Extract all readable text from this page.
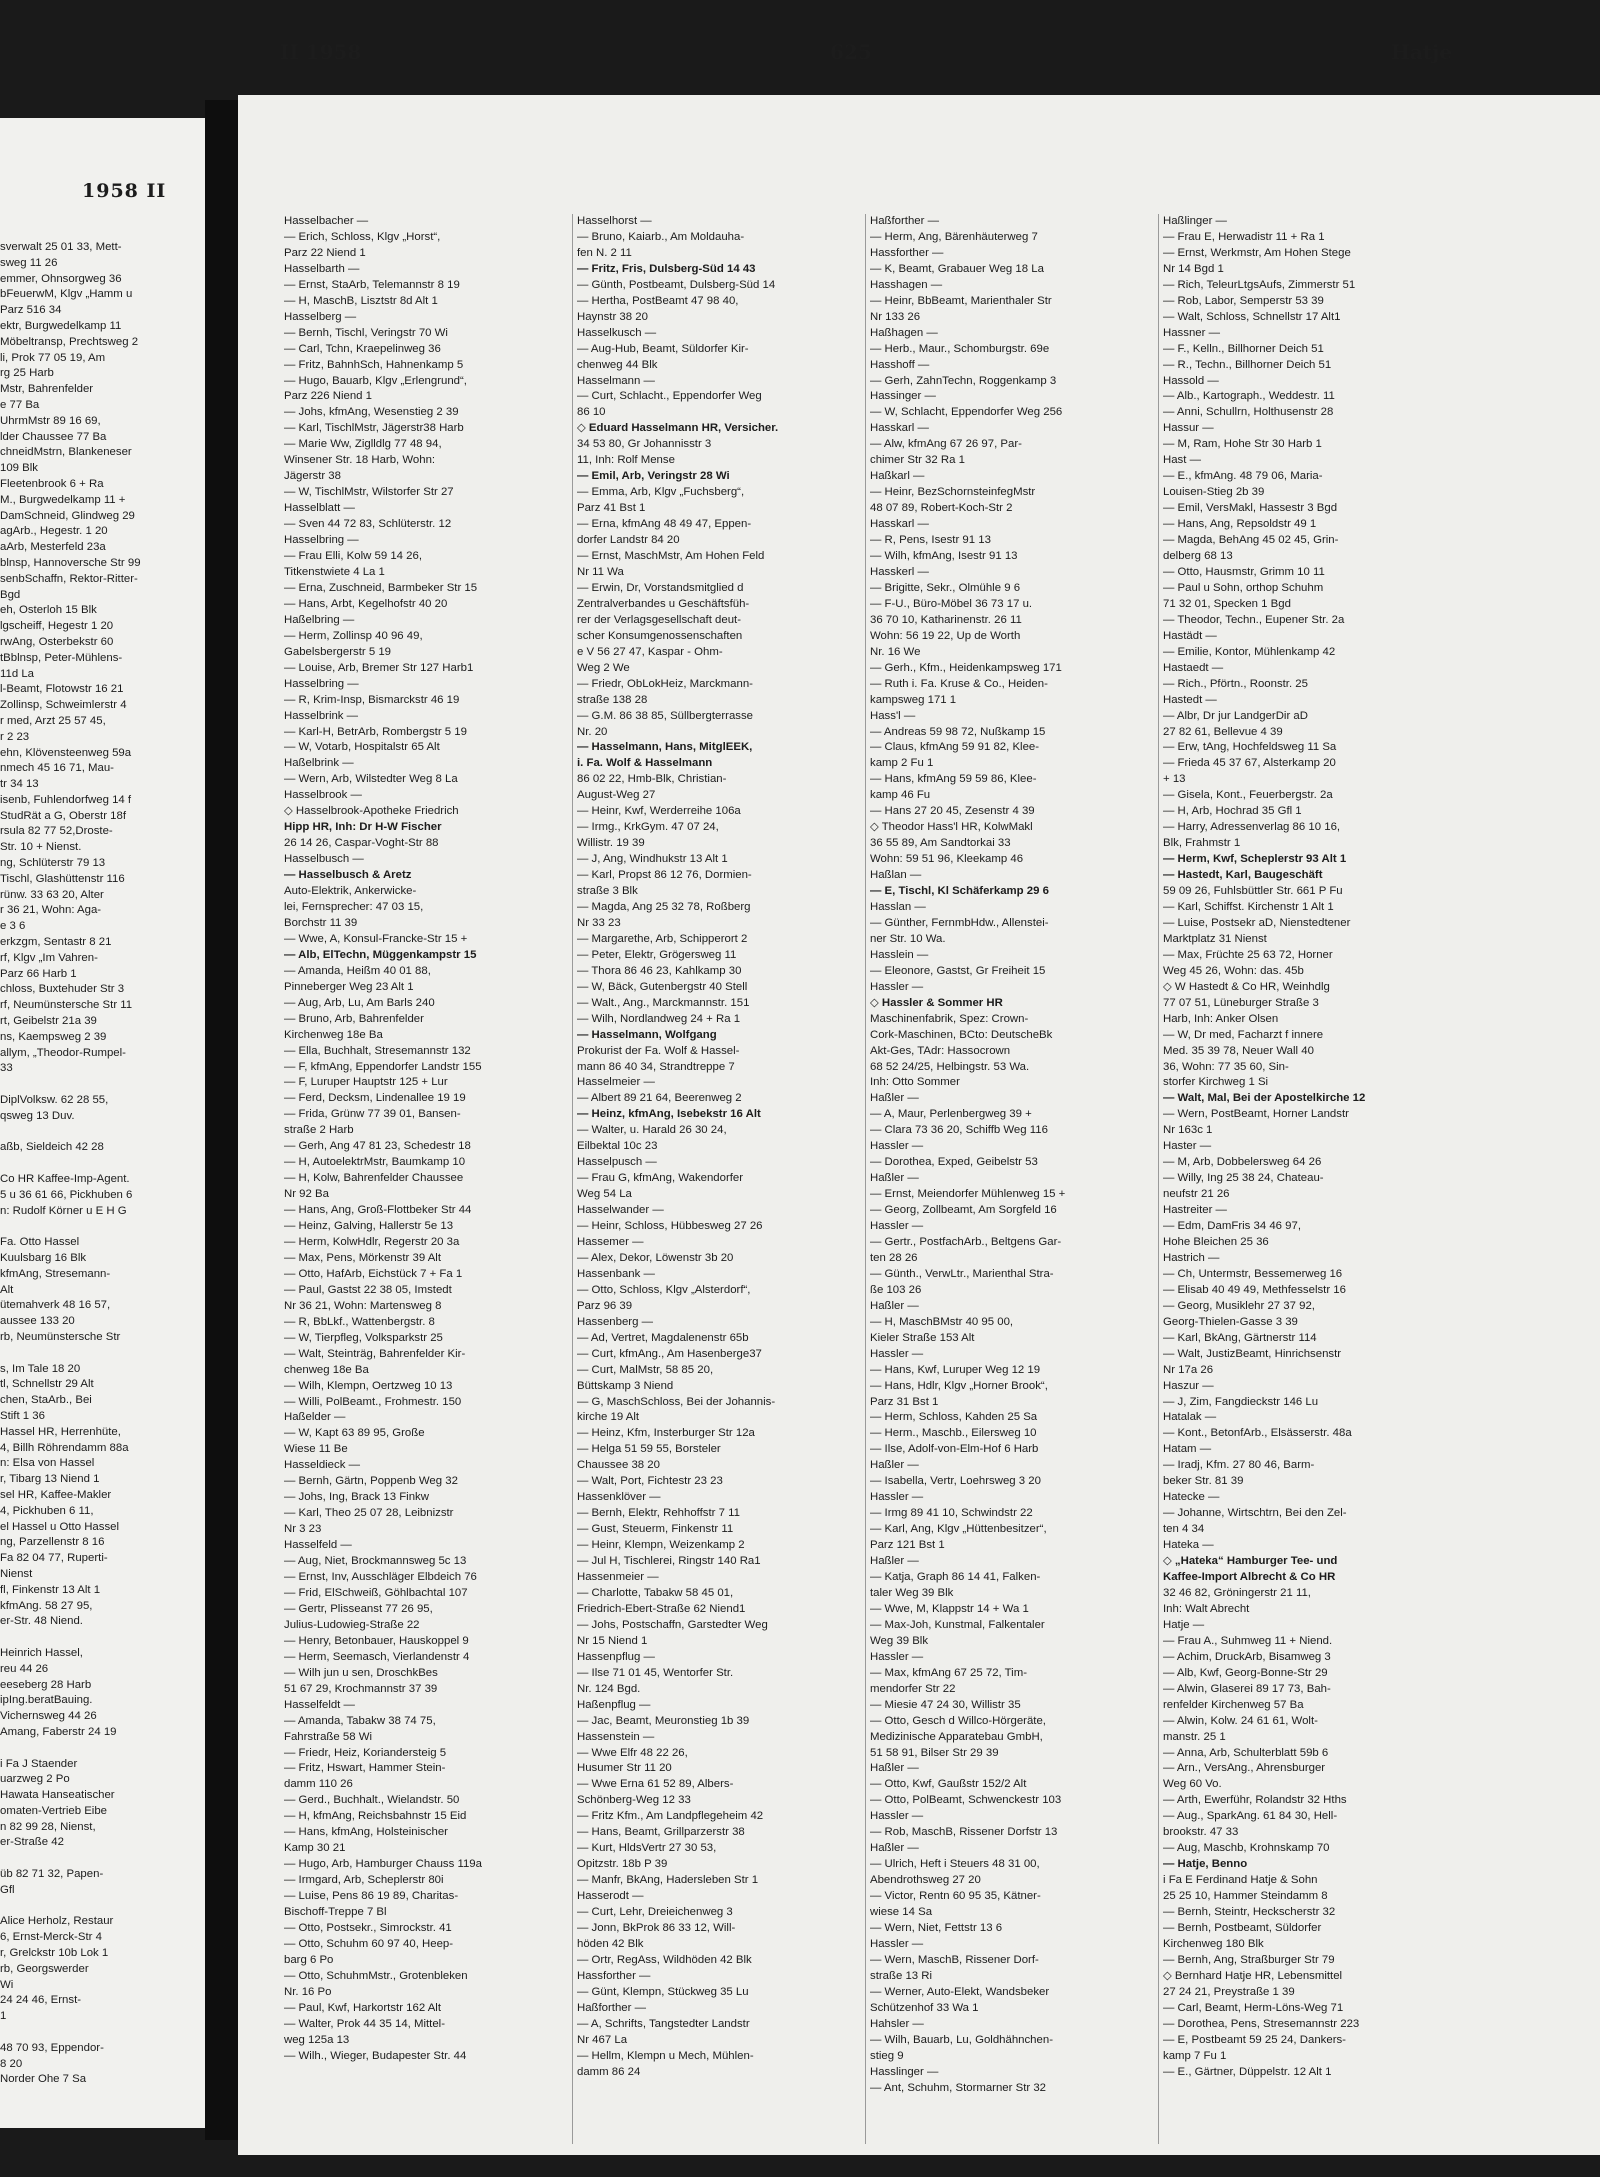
1958 II
sverwalt 25 01 33, Mett-
sweg 11 26
emmer, Ohnsorgweg 36
bFeuerwM, Klgv „Hamm u
Parz 516 34
ektr, Burgwedelkamp 11
Möbeltransp, Prechtsweg 2
li, Prok 77 05 19, Am
rg 25 Harb
Mstr, Bahrenfelder
e 77 Ba
UhrmMstr 89 16 69,
lder Chaussee 77 Ba
chneidMstrn, Blankeneser
109 Blk
Fleetenbrook 6 + Ra
M., Burgwedelkamp 11 +
DamSchneid, Glindweg 29
agArb., Hegestr. 1 20
aArb, Mesterfeld 23a
blnsp, Hannoversche Str 99
senbSchaffn, Rektor-Ritter-
Bgd
eh, Osterloh 15 Blk
lgscheiff, Hegestr 1 20
rwAng, Osterbekstr 60
tBblnsp, Peter-Mühlens-
11d La
l-Beamt, Flotowstr 16 21
Zollinsp, Schweimlerstr 4
r med, Arzt 25 57 45,
r 2 23
ehn, Klövensteenweg 59a
nmech 45 16 71, Mau-
tr 34 13
isenb, Fuhlendorfweg 14 f
StudRät a G, Oberstr 18f
rsula 82 77 52,Droste-
Str. 10 + Nienst.
ng, Schlüterstr 79 13
Tischl, Glashüttenstr 116
rünw. 33 63 20, Alter
r 36 21, Wohn: Aga-
e 3 6
erkzgm, Sentastr 8 21
rf, Klgv „Im Vahren-
Parz 66 Harb 1
chloss, Buxtehuder Str 3
rf, Neumünstersche Str 11
rt, Geibelstr 21a 39
ns, Kaempsweg 2 39
allym, „Theodor-Rumpel-
33
DiplVolksw. 62 28 55,
qsweg 13 Duv.
aßb, Sieldeich 42 28
Co HR Kaffee-Imp-Agent.
5 u 36 61 66, Pickhuben 6
n: Rudolf Körner u E H G
Fa. Otto Hassel
Kuulsbarg 16 Blk
kfmAng, Stresemann-
Alt
ütemahverk 48 16 57,
aussee 133 20
rb, Neumünstersche Str
s, Im Tale 18 20
tl, Schnellstr 29 Alt
chen, StaArb., Bei
Stift 1 36
Hassel HR, Herrenhüte,
4, Billh Röhrendamm 88a
n: Elsa von Hassel
r, Tibarg 13 Niend 1
sel HR, Kaffee-Makler
4, Pickhuben 6 11,
el Hassel u Otto Hassel
ng, Parzellenstr 8 16
Fa 82 04 77, Ruperti-
Nienst
fl, Finkenstr 13 Alt 1
kfmAng. 58 27 95,
er-Str. 48 Niend.
Heinrich Hassel,
reu 44 26
eeseberg 28 Harb
ipIng.beratBauing.
Vichernsweg 44 26
Amang, Faberstr 24 19
i Fa J Staender
uarzweg 2 Po
Hawata Hanseatischer
omaten-Vertrieb Eibe
n 82 99 28, Nienst,
er-Straße 42
üb 82 71 32, Papen-
Gfl
Alice Herholz, Restaur
6, Ernst-Merck-Str 4
r, Grelckstr 10b Lok 1
rb, Georgswerder
Wi
24 24 46, Ernst-
1
48 70 93, Eppendor-
8 20
Norder Ohe 7 Sa
II 1958	625	Hatje
Hasselbacher —
— Erich, Schloss, Klgv „Horst“,
Parz 22 Niend 1
Hasselbarth —
— Ernst, StaArb, Telemannstr 8 19
— H, MaschB, Lisztstr 8d Alt 1
Hasselberg —
— Bernh, Tischl, Veringstr 70 Wi
— Carl, Tchn, Kraepelinweg 36
— Fritz, BahnhSch, Hahnenkamp 5
— Hugo, Bauarb, Klgv „Erlengrund“,
Parz 226 Niend 1
— Johs, kfmAng, Wesenstieg 2 39
— Karl, TischlMstr, Jägerstr38 Harb
— Marie Ww, Ziglldlg 77 48 94,
Winsener Str. 18 Harb, Wohn:
Jägerstr 38
— W, TischlMstr, Wilstorfer Str 27
Hasselblatt —
— Sven 44 72 83, Schlüterstr. 12
Hasselbring —
— Frau Elli, Kolw 59 14 26,
Titkenstwiete 4 La 1
— Erna, Zuschneid, Barmbeker Str 15
— Hans, Arbt, Kegelhofstr 40 20
Haßelbring —
— Herm, Zollinsp 40 96 49,
Gabelsbergerstr 5 19
— Louise, Arb, Bremer Str 127 Harb1
Hasselbring —
— R, Krim-Insp, Bismarckstr 46 19
Hasselbrink —
— Karl-H, BetrArb, Rombergstr 5 19
— W, Votarb, Hospitalstr 65 Alt
Haßelbrink —
— Wern, Arb, Wilstedter Weg 8 La
Hasselbrook —
◇ Hasselbrook-Apotheke Friedrich
Hipp HR, Inh: Dr H-W Fischer
26 14 26, Caspar-Voght-Str 88
Hasselbusch —
— Hasselbusch & Aretz
Auto-Elektrik, Ankerwicke-
lei, Fernsprecher: 47 03 15,
Borchstr 11 39
— Wwe, A, Konsul-Francke-Str 15 +
— Alb, ElTechn, Müggenkampstr 15
— Amanda, Heißm 40 01 88,
Pinneberger Weg 23 Alt 1
— Aug, Arb, Lu, Am Barls 240
— Bruno, Arb, Bahrenfelder
Kirchenweg 18e Ba
— Ella, Buchhalt, Stresemannstr 132
— F, kfmAng, Eppendorfer Landstr 155
— F, Luruper Hauptstr 125 + Lur
— Ferd, Decksm, Lindenallee 19 19
— Frida, Grünw 77 39 01, Bansen-
straße 2 Harb
— Gerh, Ang 47 81 23, Schedestr 18
— H, AutoelektrMstr, Baumkamp 10
— H, Kolw, Bahrenfelder Chaussee
Nr 92 Ba
— Hans, Ang, Groß-Flottbeker Str 44
— Heinz, Galving, Hallerstr 5e 13
— Herm, KolwHdlr, Regerstr 20 3a
— Max, Pens, Mörkenstr 39 Alt
— Otto, HafArb, Eichstück 7 + Fa 1
— Paul, Gastst 22 38 05, Imstedt
Nr 36 21, Wohn: Martensweg 8
— R, BbLkf., Wattenbergstr. 8
— W, Tierpfleg, Volksparkstr 25
— Walt, Steinträg, Bahrenfelder Kir-
chenweg 18e Ba
— Wilh, Klempn, Oertzweg 10 13
— Willi, PolBeamt., Frohmestr. 150
Haßelder —
— W, Kapt 63 89 95, Große
Wiese 11 Be
Hasseldieck —
— Bernh, Gärtn, Poppenb Weg 32
— Johs, Ing, Brack 13 Finkw
— Karl, Theo 25 07 28, Leibnizstr
Nr 3 23
Hasselfeld —
— Aug, Niet, Brockmannsweg 5c 13
— Ernst, Inv, Ausschläger Elbdeich 76
— Frid, ElSchweiß, Göhlbachtal 107
— Gertr, Plisseanst 77 26 95,
Julius-Ludowieg-Straße 22
— Henry, Betonbauer, Hauskoppel 9
— Herm, Seemasch, Vierlandenstr 4
— Wilh jun u sen, DroschkBes
51 67 29, Krochmannstr 37 39
Hasselfeldt —
— Amanda, Tabakw 38 74 75,
Fahrstraße 58 Wi
— Friedr, Heiz, Koriandersteig 5
— Fritz, Hswart, Hammer Stein-
damm 110 26
— Gerd., Buchhalt., Wielandstr. 50
— H, kfmAng, Reichsbahnstr 15 Eid
— Hans, kfmAng, Holsteinischer
Kamp 30 21
— Hugo, Arb, Hamburger Chauss 119a
— Irmgard, Arb, Scheplerstr 80i
— Luise, Pens 86 19 89, Charitas-
Bischoff-Treppe 7 Bl
— Otto, Postsekr., Simrockstr. 41
— Otto, Schuhm 60 97 40, Heep-
barg 6 Po
— Otto, SchuhmMstr., Grotenbleken
Nr. 16 Po
— Paul, Kwf, Harkortstr 162 Alt
— Walter, Prok 44 35 14, Mittel-
weg 125a 13
— Wilh., Wieger, Budapester Str. 44
Hasselhorst —
— Bruno, Kaiarb., Am Moldauha-
fen N. 2 11
— Fritz, Fris, Dulsberg-Süd 14 43
— Günth, Postbeamt, Dulsberg-Süd 14
— Hertha, PostBeamt 47 98 40,
Haynstr 38 20
Hasselkusch —
— Aug-Hub, Beamt, Süldorfer Kir-
chenweg 44 Blk
Hasselmann —
— Curt, Schlacht., Eppendorfer Weg
86 10
◇ Eduard Hasselmann HR, Versicher.
34 53 80, Gr Johannisstr 3
11, Inh: Rolf Mense
— Emil, Arb, Veringstr 28 Wi
— Emma, Arb, Klgv „Fuchsberg“,
Parz 41 Bst 1
— Erna, kfmAng 48 49 47, Eppen-
dorfer Landstr 84 20
— Ernst, MaschMstr, Am Hohen Feld
Nr 11 Wa
— Erwin, Dr, Vorstandsmitglied d
Zentralverbandes u Geschäftsfüh-
rer der Verlagsgesellschaft deut-
scher Konsumgenossenschaften
e V 56 27 47, Kaspar - Ohm-
Weg 2 We
— Friedr, ObLokHeiz, Marckmann-
straße 138 28
— G.M. 86 38 85, Süllbergterrasse
Nr. 20
— Hasselmann, Hans, MitglEEK,
i. Fa. Wolf & Hasselmann
86 02 22, Hmb-Blk, Christian-
August-Weg 27
— Heinr, Kwf, Werderreihe 106a
— Irmg., KrkGym. 47 07 24,
Willistr. 19 39
— J, Ang, Windhukstr 13 Alt 1
— Karl, Propst 86 12 76, Dormien-
straße 3 Blk
— Magda, Ang 25 32 78, Roßberg
Nr 33 23
— Margarethe, Arb, Schipperort 2
— Peter, Elektr, Grögersweg 11
— Thora 86 46 23, Kahlkamp 30
— W, Bäck, Gutenbergstr 40 Stell
— Walt., Ang., Marckmannstr. 151
— Wilh, Nordlandweg 24 + Ra 1
— Hasselmann, Wolfgang
Prokurist der Fa. Wolf & Hassel-
mann 86 40 34, Strandtreppe 7
Hasselmeier —
— Albert 89 21 64, Beerenweg 2
— Heinz, kfmAng, Isebekstr 16 Alt
— Walter, u. Harald 26 30 24,
Eilbektal 10c 23
Hasselpusch —
— Frau G, kfmAng, Wakendorfer
Weg 54 La
Hasselwander —
— Heinr, Schloss, Hübbesweg 27 26
Hassemer —
— Alex, Dekor, Löwenstr 3b 20
Hassenbank —
— Otto, Schloss, Klgv „Alsterdorf“,
Parz 96 39
Hassenberg —
— Ad, Vertret, Magdalenenstr 65b
— Curt, kfmAng., Am Hasenberge37
— Curt, MalMstr, 58 85 20,
Büttskamp 3 Niend
— G, MaschSchloss, Bei der Johannis-
kirche 19 Alt
— Heinz, Kfm, Insterburger Str 12a
— Helga 51 59 55, Borsteler
Chaussee 38 20
— Walt, Port, Fichtestr 23 23
Hassenklöver —
— Bernh, Elektr, Rehhoffstr 7 11
— Gust, Steuerm, Finkenstr 11
— Heinr, Klempn, Weizenkamp 2
— Jul H, Tischlerei, Ringstr 140 Ra1
Hassenmeier —
— Charlotte, Tabakw 58 45 01,
Friedrich-Ebert-Straße 62 Niend1
— Johs, Postschaffn, Garstedter Weg
Nr 15 Niend 1
Hassenpflug —
— Ilse 71 01 45, Wentorfer Str.
Nr. 124 Bgd.
Haßenpflug —
— Jac, Beamt, Meuronstieg 1b 39
Hassenstein —
— Wwe Elfr 48 22 26,
Husumer Str 11 20
— Wwe Erna 61 52 89, Albers-
Schönberg-Weg 12 33
— Fritz Kfm., Am Landpflegeheim 42
— Hans, Beamt, Grillparzerstr 38
— Kurt, HldsVertr 27 30 53,
Opitzstr. 18b P 39
— Manfr, BkAng, Hadersleben Str 1
Hasserodt —
— Curt, Lehr, Dreieichenweg 3
— Jonn, BkProk 86 33 12, Will-
höden 42 Blk
— Ortr, RegAss, Wildhöden 42 Blk
Hassforther —
— Günt, Klempn, Stückweg 35 Lu
Haßforther —
— A, Schrifts, Tangstedter Landstr
Nr 467 La
— Hellm, Klempn u Mech, Mühlen-
damm 86 24
Haßforther —
— Herm, Ang, Bärenhäuterweg 7
Hassforther —
— K, Beamt, Grabauer Weg 18 La
Hasshagen —
— Heinr, BbBeamt, Marienthaler Str
Nr 133 26
Haßhagen —
— Herb., Maur., Schomburgstr. 69e
Hasshoff —
— Gerh, ZahnTechn, Roggenkamp 3
Hassinger —
— W, Schlacht, Eppendorfer Weg 256
Hasskarl —
— Alw, kfmAng 67 26 97, Par-
chimer Str 32 Ra 1
Haßkarl —
— Heinr, BezSchornsteinfegMstr
48 07 89, Robert-Koch-Str 2
Hasskarl —
— R, Pens, Isestr 91 13
— Wilh, kfmAng, Isestr 91 13
Hasskerl —
— Brigitte, Sekr., Olmühle 9 6
— F-U., Büro-Möbel 36 73 17 u.
36 70 10, Katharinenstr. 26 11
Wohn: 56 19 22, Up de Worth
Nr. 16 We
— Gerh., Kfm., Heidenkampsweg 171
— Ruth i. Fa. Kruse & Co., Heiden-
kampsweg 171 1
Hass'l —
— Andreas 59 98 72, Nußkamp 15
— Claus, kfmAng 59 91 82, Klee-
kamp 2 Fu 1
— Hans, kfmAng 59 59 86, Klee-
kamp 46 Fu
— Hans 27 20 45, Zesenstr 4 39
◇ Theodor Hass'l HR, KolwMakl
36 55 89, Am Sandtorkai 33
Wohn: 59 51 96, Kleekamp 46
Haßlan —
— E, Tischl, Kl Schäferkamp 29 6
Hasslan —
— Günther, FernmbHdw., Allenstei-
ner Str. 10 Wa.
Hasslein —
— Eleonore, Gastst, Gr Freiheit 15
Hassler —
◇ Hassler & Sommer HR
Maschinenfabrik, Spez: Crown-
Cork-Maschinen, BCto: DeutscheBk
Akt-Ges, TAdr: Hassocrown
68 52 24/25, Helbingstr. 53 Wa.
Inh: Otto Sommer
Haßler —
— A, Maur, Perlenbergweg 39 +
— Clara 73 36 20, Schiffb Weg 116
Hassler —
— Dorothea, Exped, Geibelstr 53
Haßler —
— Ernst, Meiendorfer Mühlenweg 15 +
— Georg, Zollbeamt, Am Sorgfeld 16
Hassler —
— Gertr., PostfachArb., Beltgens Gar-
ten 28 26
— Günth., VerwLtr., Marienthal Stra-
ße 103 26
Haßler —
— H, MaschBMstr 40 95 00,
Kieler Straße 153 Alt
Hassler —
— Hans, Kwf, Luruper Weg 12 19
— Hans, Hdlr, Klgv „Horner Brook“,
Parz 31 Bst 1
— Herm, Schloss, Kahden 25 Sa
— Herm., Maschb., Eilersweg 10
— Ilse, Adolf-von-Elm-Hof 6 Harb
Haßler —
— Isabella, Vertr, Loehrsweg 3 20
Hassler —
— Irmg 89 41 10, Schwindstr 22
— Karl, Ang, Klgv „Hüttenbesitzer“,
Parz 121 Bst 1
Haßler —
— Katja, Graph 86 14 41, Falken-
taler Weg 39 Blk
— Wwe, M, Klappstr 14 + Wa 1
— Max-Joh, Kunstmal, Falkentaler
Weg 39 Blk
Hassler —
— Max, kfmAng 67 25 72, Tim-
mendorfer Str 22
— Miesie 47 24 30, Willistr 35
— Otto, Gesch d Willco-Hörgeräte,
Medizinische Apparatebau GmbH,
51 58 91, Bilser Str 29 39
Haßler —
— Otto, Kwf, Gaußstr 152/2 Alt
— Otto, PolBeamt, Schwenckestr 103
Hassler —
— Rob, MaschB, Rissener Dorfstr 13
Haßler —
— Ulrich, Heft i Steuers 48 31 00,
Abendrothsweg 27 20
— Victor, Rentn 60 95 35, Kätner-
wiese 14 Sa
— Wern, Niet, Fettstr 13 6
Hassler —
— Wern, MaschB, Rissener Dorf-
straße 13 Ri
— Werner, Auto-Elekt, Wandsbeker
Schützenhof 33 Wa 1
Hahsler —
— Wilh, Bauarb, Lu, Goldhähnchen-
stieg 9
Hasslinger —
— Ant, Schuhm, Stormarner Str 32
Haßlinger —
— Frau E, Herwadistr 11 + Ra 1
— Ernst, Werkmstr, Am Hohen Stege
Nr 14 Bgd 1
— Rich, TeleurLtgsAufs, Zimmerstr 51
— Rob, Labor, Semperstr 53 39
— Walt, Schloss, Schnellstr 17 Alt1
Hassner —
— F., Kelln., Billhorner Deich 51
— R., Techn., Billhorner Deich 51
Hassold —
— Alb., Kartograph., Weddestr. 11
— Anni, Schullrn, Holthusenstr 28
Hassur —
— M, Ram, Hohe Str 30 Harb 1
Hast —
— E., kfmAng. 48 79 06, Maria-
Louisen-Stieg 2b 39
— Emil, VersMakl, Hassestr 3 Bgd
— Hans, Ang, Repsoldstr 49 1
— Magda, BehAng 45 02 45, Grin-
delberg 68 13
— Otto, Hausmstr, Grimm 10 11
— Paul u Sohn, orthop Schuhm
71 32 01, Specken 1 Bgd
— Theodor, Techn., Eupener Str. 2a
Hastädt —
— Emilie, Kontor, Mühlenkamp 42
Hastaedt —
— Rich., Pförtn., Roonstr. 25
Hastedt —
— Albr, Dr jur LandgerDir aD
27 82 61, Bellevue 4 39
— Erw, tAng, Hochfeldsweg 11 Sa
— Frieda 45 37 67, Alsterkamp 20
+ 13
— Gisela, Kont., Feuerbergstr. 2a
— H, Arb, Hochrad 35 Gfl 1
— Harry, Adressenverlag 86 10 16,
Blk, Frahmstr 1
— Herm, Kwf, Scheplerstr 93 Alt 1
— Hastedt, Karl, Baugeschäft
59 09 26, Fuhlsbüttler Str. 661 P Fu
— Karl, Schiffst. Kirchenstr 1 Alt 1
— Luise, Postsekr aD, Nienstedtener
Marktplatz 31 Nienst
— Max, Früchte 25 63 72, Horner
Weg 45 26, Wohn: das. 45b
◇ W Hastedt & Co HR, Weinhdlg
77 07 51, Lüneburger Straße 3
Harb, Inh: Anker Olsen
— W, Dr med, Facharzt f innere
Med. 35 39 78, Neuer Wall 40
36, Wohn: 77 35 60, Sin-
storfer Kirchweg 1 Si
— Walt, Mal, Bei der Apostelkirche 12
— Wern, PostBeamt, Horner Landstr
Nr 163c 1
Haster —
— M, Arb, Dobbelersweg 64 26
— Willy, Ing 25 38 24, Chateau-
neufstr 21 26
Hastreiter —
— Edm, DamFris 34 46 97,
Hohe Bleichen 25 36
Hastrich —
— Ch, Untermstr, Bessemerweg 16
— Elisab 40 49 49, Methfesselstr 16
— Georg, Musiklehr 27 37 92,
Georg-Thielen-Gasse 3 39
— Karl, BkAng, Gärtnerstr 114
— Walt, JustizBeamt, Hinrichsenstr
Nr 17a 26
Haszur —
— J, Zim, Fangdieckstr 146 Lu
Hatalak —
— Kont., BetonfArb., Elsässerstr. 48a
Hatam —
— Iradj, Kfm. 27 80 46, Barm-
beker Str. 81 39
Hatecke —
— Johanne, Wirtschtrn, Bei den Zel-
ten 4 34
Hateka —
◇ „Hateka“ Hamburger Tee- und
Kaffee-Import Albrecht & Co HR
32 46 82, Gröningerstr 21 11,
Inh: Walt Abrecht
Hatje —
— Frau A., Suhmweg 11 + Niend.
— Achim, DruckArb, Bisamweg 3
— Alb, Kwf, Georg-Bonne-Str 29
— Alwin, Glaserei 89 17 73, Bah-
renfelder Kirchenweg 57 Ba
— Alwin, Kolw. 24 61 61, Wolt-
manstr. 25 1
— Anna, Arb, Schulterblatt 59b 6
— Arn., VersAng., Ahrensburger
Weg 60 Vo.
— Arth, Ewerführ, Rolandstr 32 Hths
— Aug., SparkAng. 61 84 30, Hell-
brookstr. 47 33
— Aug, Maschb, Krohnskamp 70
— Hatje, Benno
i Fa E Ferdinand Hatje & Sohn
25 25 10, Hammer Steindamm 8
— Bernh, Steintr, Heckscherstr 32
— Bernh, Postbeamt, Süldorfer
Kirchenweg 180 Blk
— Bernh, Ang, Straßburger Str 79
◇ Bernhard Hatje HR, Lebensmittel
27 24 21, Preystraße 1 39
— Carl, Beamt, Herm-Löns-Weg 71
— Dorothea, Pens, Stresemannstr 223
— E, Postbeamt 59 25 24, Dankers-
kamp 7 Fu 1
— E., Gärtner, Düppelstr. 12 Alt 1
